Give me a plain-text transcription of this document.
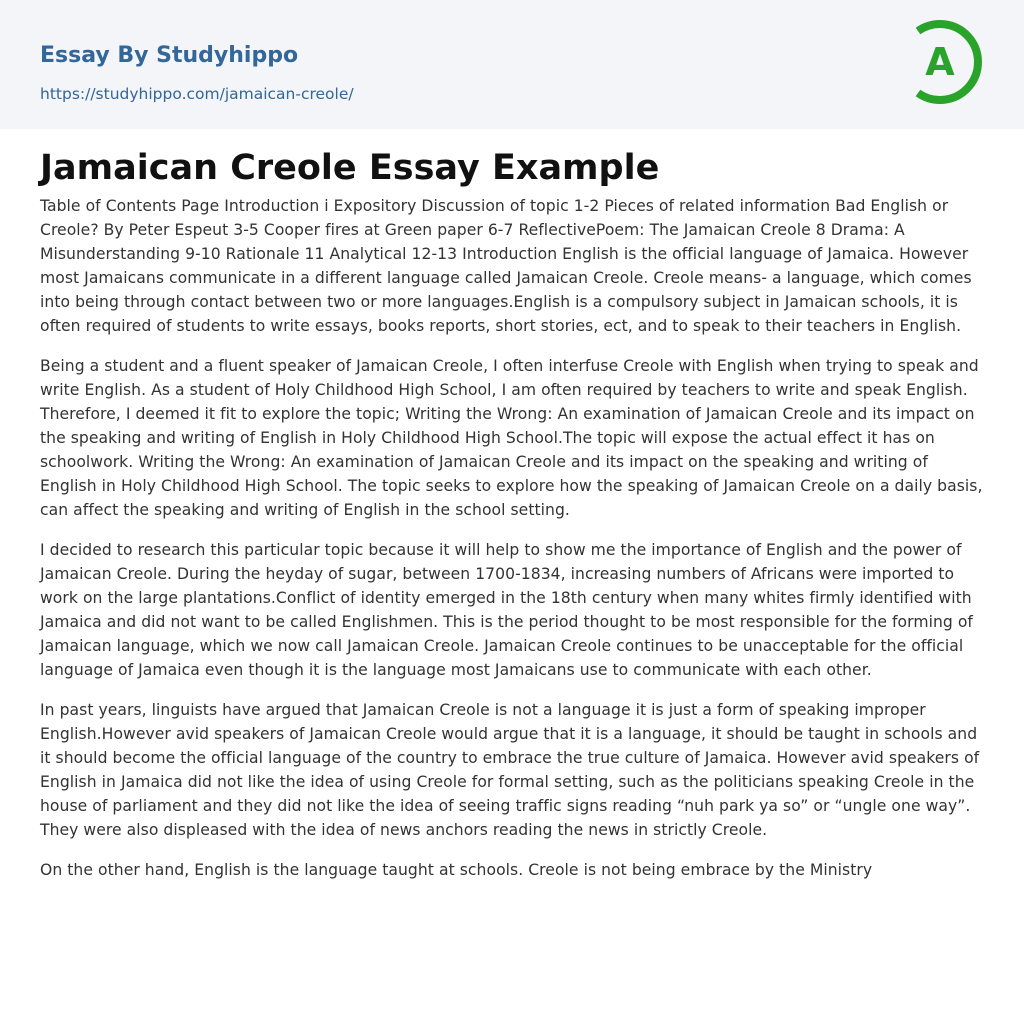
Essay By Studyhippo
https://studyhippo.com/jamaican-creole/
A
Jamaican Creole Essay Example

Table of Contents Page Introduction i Expository Discussion of topic 1-2 Pieces of related information Bad English or Creole? By Peter Espeut 3-5 Cooper fires at Green paper 6-7 ReflectivePoem: The Jamaican Creole 8 Drama: A Misunderstanding 9-10 Rationale 11 Analytical 12-13 Introduction English is the official language of Jamaica. However most Jamaicans communicate in a different language called Jamaican Creole. Creole means- a language, which comes into being through contact between two or more languages.English is a compulsory subject in Jamaican schools, it is often required of students to write essays, books reports, short stories, ect, and to speak to their teachers in English.

Being a student and a fluent speaker of Jamaican Creole, I often interfuse Creole with English when trying to speak and write English. As a student of Holy Childhood High School, I am often required by teachers to write and speak English. Therefore, I deemed it fit to explore the topic; Writing the Wrong: An examination of Jamaican Creole and its impact on the speaking and writing of English in Holy Childhood High School.The topic will expose the actual effect it has on schoolwork. Writing the Wrong: An examination of Jamaican Creole and its impact on the speaking and writing of English in Holy Childhood High School. The topic seeks to explore how the speaking of Jamaican Creole on a daily basis, can affect the speaking and writing of English in the school setting.

I decided to research this particular topic because it will help to show me the importance of English and the power of Jamaican Creole. During the heyday of sugar, between 1700-1834, increasing numbers of Africans were imported to work on the large plantations.Conflict of identity emerged in the 18th century when many whites firmly identified with Jamaica and did not want to be called Englishmen. This is the period thought to be most responsible for the forming of Jamaican language, which we now call Jamaican Creole. Jamaican Creole continues to be unacceptable for the official language of Jamaica even though it is the language most Jamaicans use to communicate with each other.

In past years, linguists have argued that Jamaican Creole is not a language it is just a form of speaking improper English.However avid speakers of Jamaican Creole would argue that it is a language, it should be taught in schools and it should become the official language of the country to embrace the true culture of Jamaica. However avid speakers of English in Jamaica did not like the idea of using Creole for formal setting, such as the politicians speaking Creole in the house of parliament and they did not like the idea of seeing traffic signs reading “nuh park ya so” or “ungle one way”. They were also displeased with the idea of news anchors reading the news in strictly Creole.

On the other hand, English is the language taught at schools. Creole is not being embrace by the Ministry
